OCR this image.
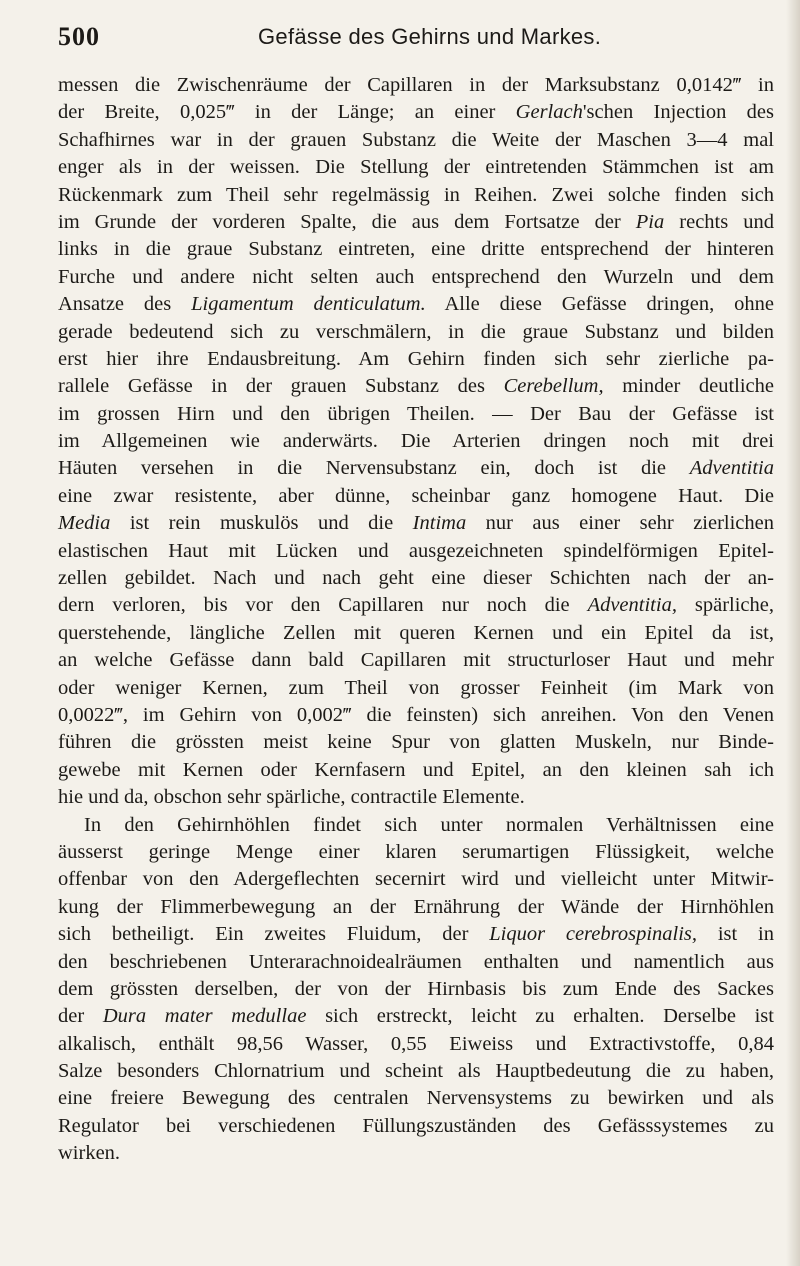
500	Gefässe des Gehirns und Markes.
messen die Zwischenräume der Capillaren in der Marksubstanz 0,0142‴ in
der Breite, 0,025‴ in der Länge; an einer Gerlach'schen Injection des
Schafhirnes war in der grauen Substanz die Weite der Maschen 3—4 mal
enger als in der weissen. Die Stellung der eintretenden Stämmchen ist am
Rückenmark zum Theil sehr regelmässig in Reihen. Zwei solche finden sich
im Grunde der vorderen Spalte, die aus dem Fortsatze der Pia rechts und
links in die graue Substanz eintreten, eine dritte entsprechend der hinteren
Furche und andere nicht selten auch entsprechend den Wurzeln und dem
Ansatze des Ligamentum denticulatum. Alle diese Gefässe dringen, ohne
gerade bedeutend sich zu verschmälern, in die graue Substanz und bilden
erst hier ihre Endausbreitung. Am Gehirn finden sich sehr zierliche pa-
rallele Gefässe in der grauen Substanz des Cerebellum, minder deutliche
im grossen Hirn und den übrigen Theilen. — Der Bau der Gefässe ist
im Allgemeinen wie anderwärts. Die Arterien dringen noch mit drei
Häuten versehen in die Nervensubstanz ein, doch ist die Adventitia
eine zwar resistente, aber dünne, scheinbar ganz homogene Haut. Die
Media ist rein muskulös und die Intima nur aus einer sehr zierlichen
elastischen Haut mit Lücken und ausgezeichneten spindelförmigen Epitel-
zellen gebildet. Nach und nach geht eine dieser Schichten nach der an-
dern verloren, bis vor den Capillaren nur noch die Adventitia, spärliche,
querstehende, längliche Zellen mit queren Kernen und ein Epitel da ist,
an welche Gefässe dann bald Capillaren mit structurloser Haut und mehr
oder weniger Kernen, zum Theil von grosser Feinheit (im Mark von
0,0022‴, im Gehirn von 0,002‴ die feinsten) sich anreihen. Von den Venen
führen die grössten meist keine Spur von glatten Muskeln, nur Binde-
gewebe mit Kernen oder Kernfasern und Epitel, an den kleinen sah ich
hie und da, obschon sehr spärliche, contractile Elemente.
In den Gehirnhöhlen findet sich unter normalen Verhältnissen eine
äusserst geringe Menge einer klaren serumartigen Flüssigkeit, welche
offenbar von den Adergeflechten secernirt wird und vielleicht unter Mitwir-
kung der Flimmerbewegung an der Ernährung der Wände der Hirnhöhlen
sich betheiligt. Ein zweites Fluidum, der Liquor cerebrospinalis, ist in
den beschriebenen Unterarachnoidealräumen enthalten und namentlich aus
dem grössten derselben, der von der Hirnbasis bis zum Ende des Sackes
der Dura mater medullae sich erstreckt, leicht zu erhalten. Derselbe ist
alkalisch, enthält 98,56 Wasser, 0,55 Eiweiss und Extractivstoffe, 0,84
Salze besonders Chlornatrium und scheint als Hauptbedeutung die zu haben,
eine freiere Bewegung des centralen Nervensystems zu bewirken und als
Regulator bei verschiedenen Füllungszuständen des Gefässsystemes zu
wirken.
